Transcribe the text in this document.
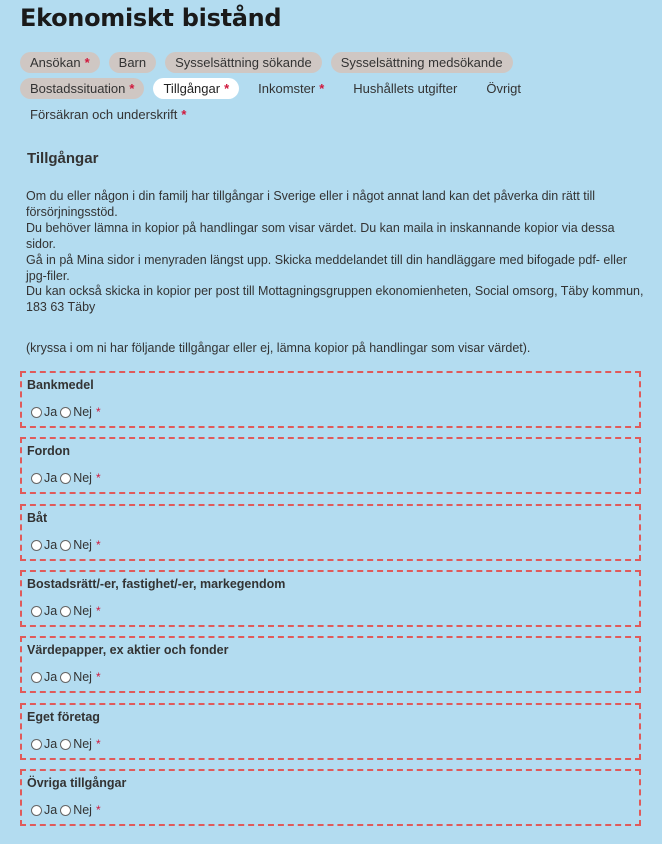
Ekonomiskt bistånd
Ansökan * Barn Sysselsättning sökande Sysselsättning medsökande
Bostadssituation * Tillgångar * Inkomster * Hushållets utgifter Övrigt
Försäkran och underskrift *
Tillgångar

Om du eller någon i din familj har tillgångar i Sverige eller i något annat land kan det påverka din rätt till försörjningsstöd.

Du behöver lämna in kopior på handlingar som visar värdet. Du kan maila in inskannande kopior via dessa sidor.

Gå in på Mina sidor i menyraden längst upp. Skicka meddelandet till din handläggare med bifogade pdf- eller jpg-filer.

Du kan också skicka in kopior per post till Mottagningsgruppen ekonomienheten, Social omsorg, Täby kommun, 183 63 Täby

(kryssa i om ni har följande tillgångar eller ej, lämna kopior på handlingar som visar värdet).
Bankmedel
Ja Nej *
Fordon
Ja Nej *
Båt
Ja Nej *
Bostadsrätt/-er, fastighet/-er, markegendom
Ja Nej *
Värdepapper, ex aktier och fonder
Ja Nej *
Eget företag
Ja Nej *
Övriga tillgångar
Ja Nej *
